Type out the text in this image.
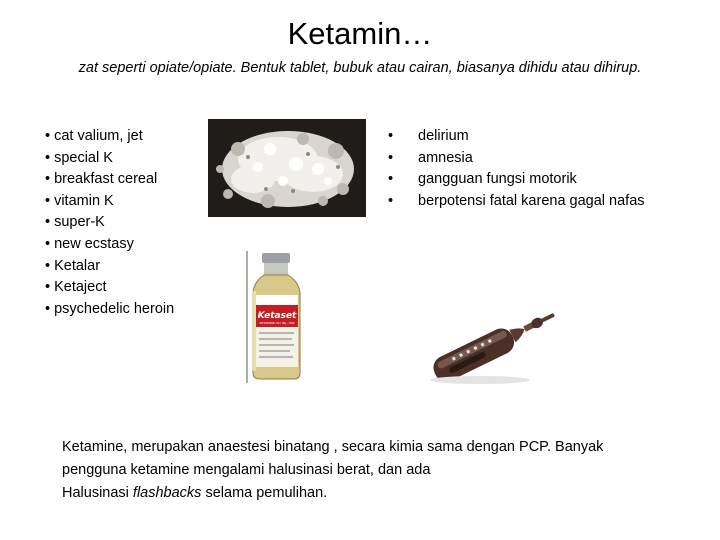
Ketamin…
zat seperti opiate/opiate. Bentuk tablet, bubuk atau cairan, biasanya dihidu atau dihirup.
• cat valium, jet
• special K
• breakfast cereal
• vitamin K
• super-K
• new ecstasy
• Ketalar
• Ketaject
• psychedelic heroin	Ketaset
KETAMINE HCl INJ., USP
• delirium
• amnesia
• gangguan fungsi motorik
• berpotensi fatal karena gagal nafas

Ketamine, merupakan anaestesi binatang , secara kimia sama dengan PCP. Banyak

pengguna ketamine mengalami halusinasi berat, dan ada

Halusinasi flashbacks selama pemulihan.
